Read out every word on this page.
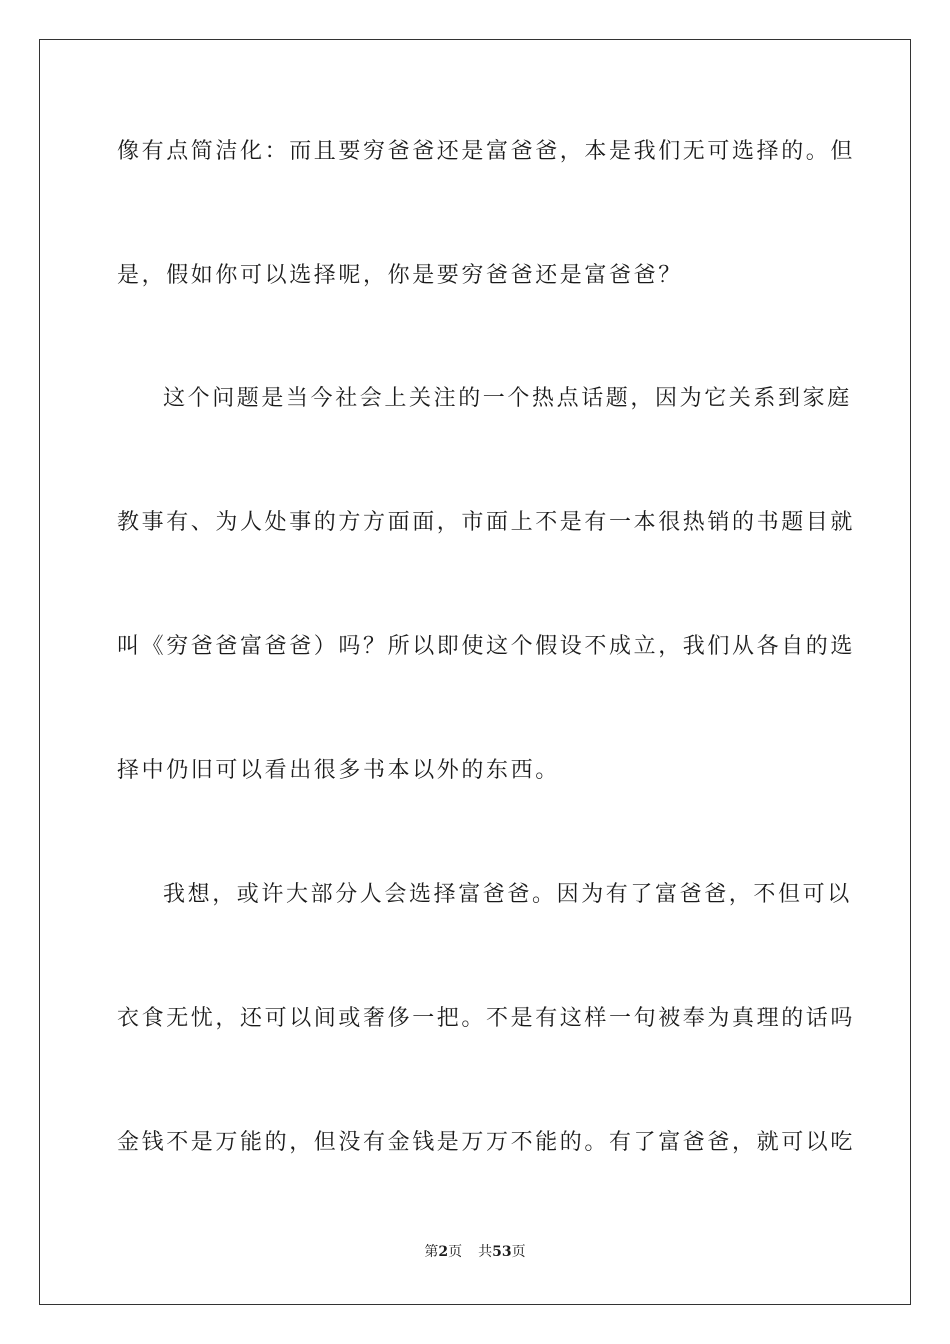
像有点简洁化：而且要穷爸爸还是富爸爸，本是我们无可选择的。但
是，假如你可以选择呢，你是要穷爸爸还是富爸爸？
这个问题是当今社会上关注的一个热点话题，因为它关系到家庭
教事有、为人处事的方方面面，市面上不是有一本很热销的书题目就
叫《穷爸爸富爸爸）吗？所以即使这个假设不成立，我们从各自的选
择中仍旧可以看出很多书本以外的东西。
我想，或许大部分人会选择富爸爸。因为有了富爸爸，不但可以
衣食无忧，还可以间或奢侈一把。不是有这样一句被奉为真理的话吗
金钱不是万能的，但没有金钱是万万不能的。有了富爸爸，就可以吃
第2页 共53页
